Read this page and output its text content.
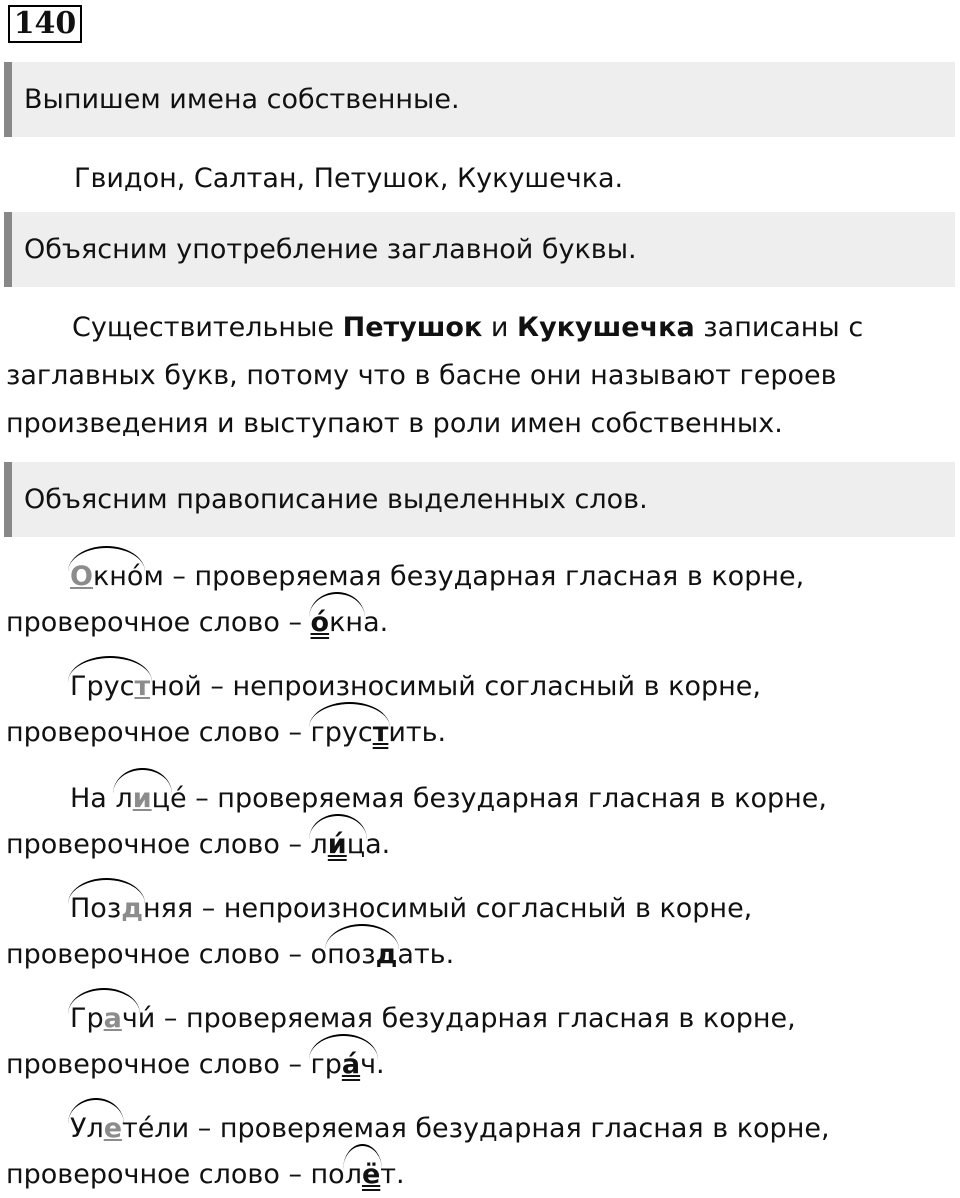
140
Выпишем имена собственные.
Гвидон, Салтан, Петушок, Кукушечка.
Объясним употребление заглавной буквы.
Существительные Петушок и Кукушечка записаны с заглавных букв, потому что в басне они называют героев произведения и выступают в роли имен собственных.
Объясним правописание выделенных слов.
Окно́м – проверяемая безударная гласная в корне,
проверочное слово – о́кна.
Грустной – непроизносимый согласный в корне,
проверочное слово – грустить.
На лице́ – проверяемая безударная гласная в корне,
проверочное слово – ли́ца.
Поздняя – непроизносимый согласный в корне,
проверочное слово – опоздать.
Грачи́ – проверяемая безударная гласная в корне,
проверочное слово – гра́ч.
Улете́ли – проверяемая безударная гласная в корне,
проверочное слово – полёт.
